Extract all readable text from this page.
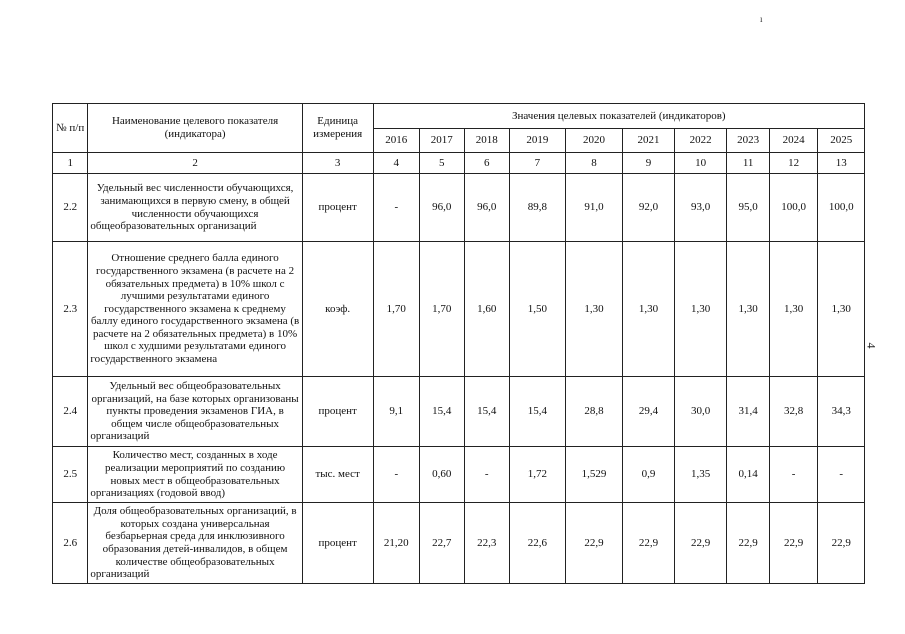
ı
4
№ п/п	Наименование целевого показателя (индикатора)	Единица измерения	Значения целевых показателей (индикаторов)									
			2016	2017	2018	2019	2020	2021	2022	2023	2024	2025
1	2	3	4	5	6	7	8	9	10	11	12	13
2.2	Удельный вес численности обучающихся, занимающихся в первую смену, в общей численности обучающихся общеобразовательных организаций	процент	-	96,0	96,0	89,8	91,0	92,0	93,0	95,0	100,0	100,0
2.3	Отношение среднего балла единого государственного экзамена (в расчете на 2 обязательных предмета) в 10% школ с лучшими результатами единого государственного экзамена к среднему баллу единого государственного экзамена (в расчете на 2 обязательных предмета) в 10% школ с худшими результатами единого государственного экзамена	коэф.	1,70	1,70	1,60	1,50	1,30	1,30	1,30	1,30	1,30	1,30
2.4	Удельный вес общеобразовательных организаций, на базе которых организованы пункты проведения экзаменов ГИА, в общем числе общеобразовательных организаций	процент	9,1	15,4	15,4	15,4	28,8	29,4	30,0	31,4	32,8	34,3
2.5	Количество мест, созданных в ходе реализации мероприятий по созданию новых мест в общеобразовательных организациях (годовой ввод)	тыс. мест	-	0,60	-	1,72	1,529	0,9	1,35	0,14	-	-
2.6	Доля общеобразовательных организаций, в которых создана универсальная безбарьерная среда для инклюзивного образования детей-инвалидов, в общем количестве общеобразовательных организаций	процент	21,20	22,7	22,3	22,6	22,9	22,9	22,9	22,9	22,9	22,9
